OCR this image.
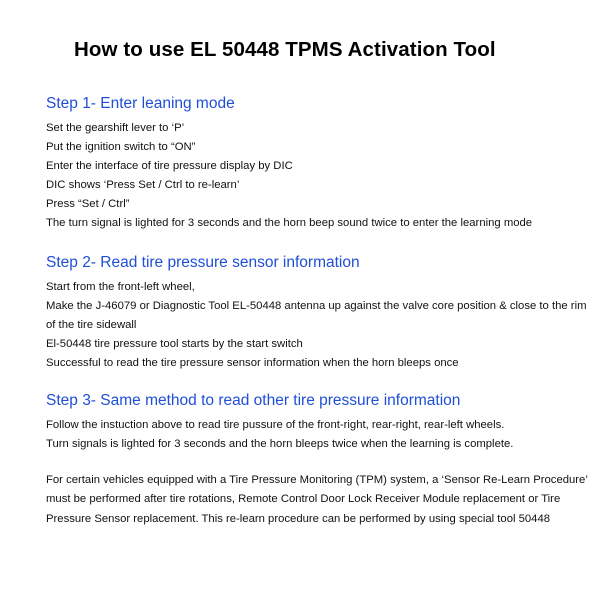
How to use EL 50448 TPMS Activation Tool
Step 1- Enter leaning mode
Set the gearshift lever to ‘P’
Put the ignition switch to “ON”
Enter the interface of tire pressure display by DIC
DIC shows ‘Press Set / Ctrl to re-learn’
Press “Set / Ctrl”
The turn signal is lighted for 3 seconds and the horn beep sound twice to enter the learning mode
Step 2- Read tire pressure sensor information
Start from the front-left wheel,
Make the J-46079 or Diagnostic Tool EL-50448 antenna up against the valve core position & close to the rim
of the tire sidewall
El-50448 tire pressure tool starts by the start switch
Successful to read the tire pressure sensor information when the horn bleeps once
Step 3- Same method to read other tire pressure information
Follow the instuction above to read tire pussure of the front-right, rear-right, rear-left wheels.
Turn signals is lighted for 3 seconds and the horn bleeps twice when the learning is complete.
For certain vehicles equipped with a Tire Pressure Monitoring (TPM) system, a ‘Sensor Re-Learn Procedure’
must be performed after tire rotations, Remote Control Door Lock Receiver Module replacement or Tire
Pressure Sensor replacement. This re-learn procedure can be performed by using special tool 50448
